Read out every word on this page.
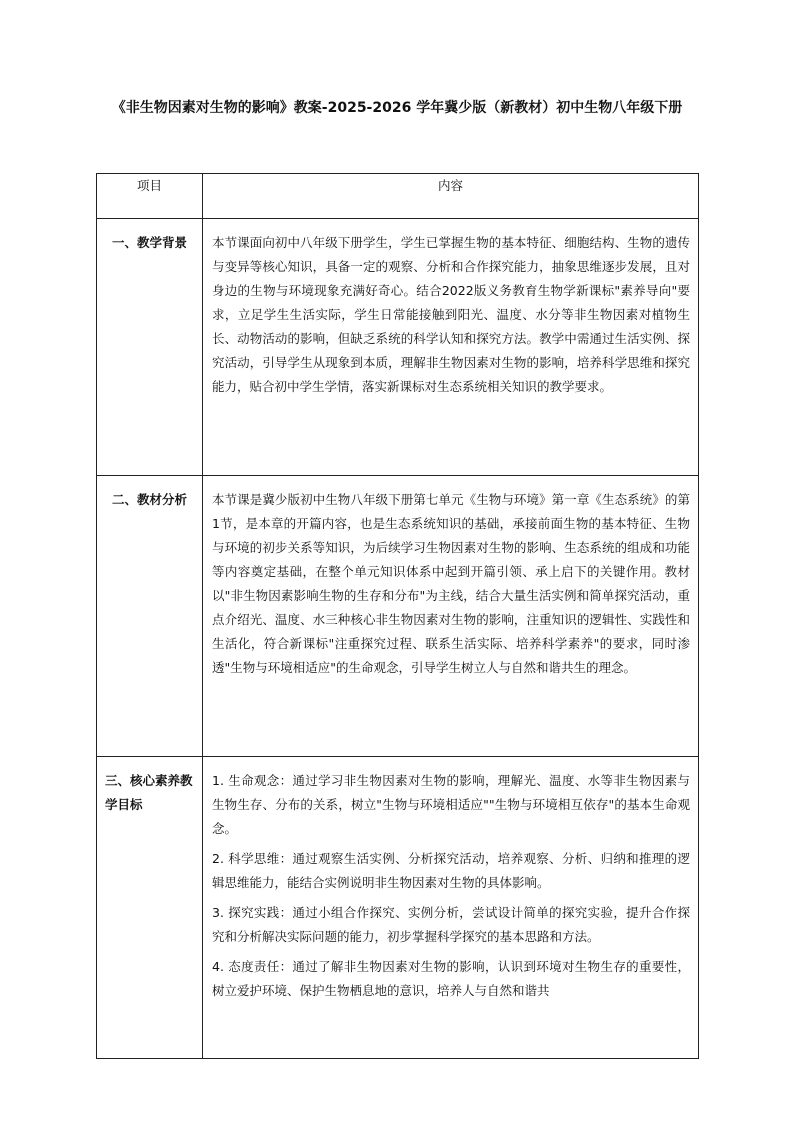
《非生物因素对生物的影响》教案-2025-2026 学年冀少版（新教材）初中生物八年级下册
项目	内容
一、教学背景	本节课面向初中八年级下册学生，学生已掌握生物的基本特征、细胞结构、生物的遗传与变异等核心知识，具备一定的观察、分析和合作探究能力，抽象思维逐步发展，且对身边的生物与环境现象充满好奇心。结合2022版义务教育生物学新课标"素养导向"要求，立足学生生活实际，学生日常能接触到阳光、温度、水分等非生物因素对植物生长、动物活动的影响，但缺乏系统的科学认知和探究方法。教学中需通过生活实例、探究活动，引导学生从现象到本质，理解非生物因素对生物的影响，培养科学思维和探究能力，贴合初中学生学情，落实新课标对生态系统相关知识的教学要求。

二、教材分析	本节课是冀少版初中生物八年级下册第七单元《生物与环境》第一章《生态系统》的第1节，是本章的开篇内容，也是生态系统知识的基础，承接前面生物的基本特征、生物与环境的初步关系等知识，为后续学习生物因素对生物的影响、生态系统的组成和功能等内容奠定基础，在整个单元知识体系中起到开篇引领、承上启下的关键作用。教材以"非生物因素影响生物的生存和分布"为主线，结合大量生活实例和简单探究活动，重点介绍光、温度、水三种核心非生物因素对生物的影响，注重知识的逻辑性、实践性和生活化，符合新课标"注重探究过程、联系生活实际、培养科学素养"的要求，同时渗透"生物与环境相适应"的生命观念，引导学生树立人与自然和谐共生的理念。

三、核心素养教学目标	1. 生命观念：通过学习非生物因素对生物的影响，理解光、温度、水等非生物因素与生物生存、分布的关系，树立"生物与环境相适应""生物与环境相互依存"的基本生命观念。

2. 科学思维：通过观察生活实例、分析探究活动，培养观察、分析、归纳和推理的逻辑思维能力，能结合实例说明非生物因素对生物的具体影响。

3. 探究实践：通过小组合作探究、实例分析，尝试设计简单的探究实验，提升合作探究和分析解决实际问题的能力，初步掌握科学探究的基本思路和方法。

4. 态度责任：通过了解非生物因素对生物的影响，认识到环境对生物生存的重要性，树立爱护环境、保护生物栖息地的意识，培养人与自然和谐共
